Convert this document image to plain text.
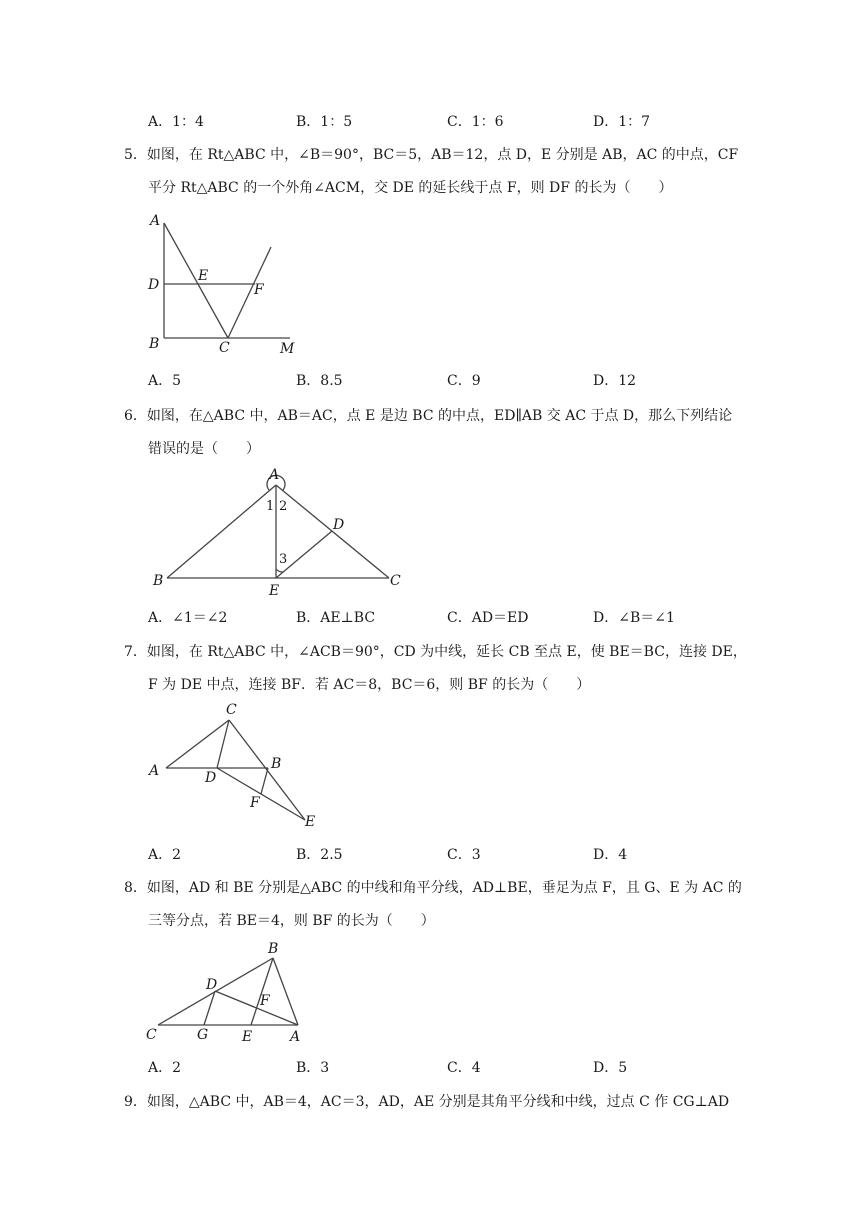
A．1：4	B．1：5	C．1：6	D．1：7
5．如图，在 Rt△ABC 中，∠B＝90°，BC＝5，AB＝12，点 D，E 分别是 AB，AC 的中点，CF
平分 Rt△ABC 的一个外角∠ACM，交 DE 的延长线于点 F，则 DF 的长为（　　）
A
D
E
F
B	C	M
A．5	B．8.5	C．9	D．12
6．如图，在△ABC 中，AB＝AC，点 E 是边 BC 的中点，ED∥AB 交 AC 于点 D，那么下列结论
错误的是（　　）
A
1 2
D
3
B
E
C
A．∠1＝∠2	B．AE⊥BC	C．AD＝ED	D．∠B＝∠1
7．如图，在 Rt△ABC 中，∠ACB＝90°，CD 为中线，延长 CB 至点 E，使 BE＝BC，连接 DE，
F 为 DE 中点，连接 BF．若 AC＝8，BC＝6，则 BF 的长为（　　）
C
A	D
B
F
E
A．2	B．2.5	C．3	D．4
8．如图，AD 和 BE 分别是△ABC 的中线和角平分线，AD⊥BE，垂足为点 F，且 G、E 为 AC 的
三等分点，若 BE＝4，则 BF 的长为（　　）
B
D
F
C	G E	A
A．2	B．3	C．4	D．5
9．如图，△ABC 中，AB＝4，AC＝3，AD，AE 分别是其角平分线和中线，过点 C 作 CG⊥AD
